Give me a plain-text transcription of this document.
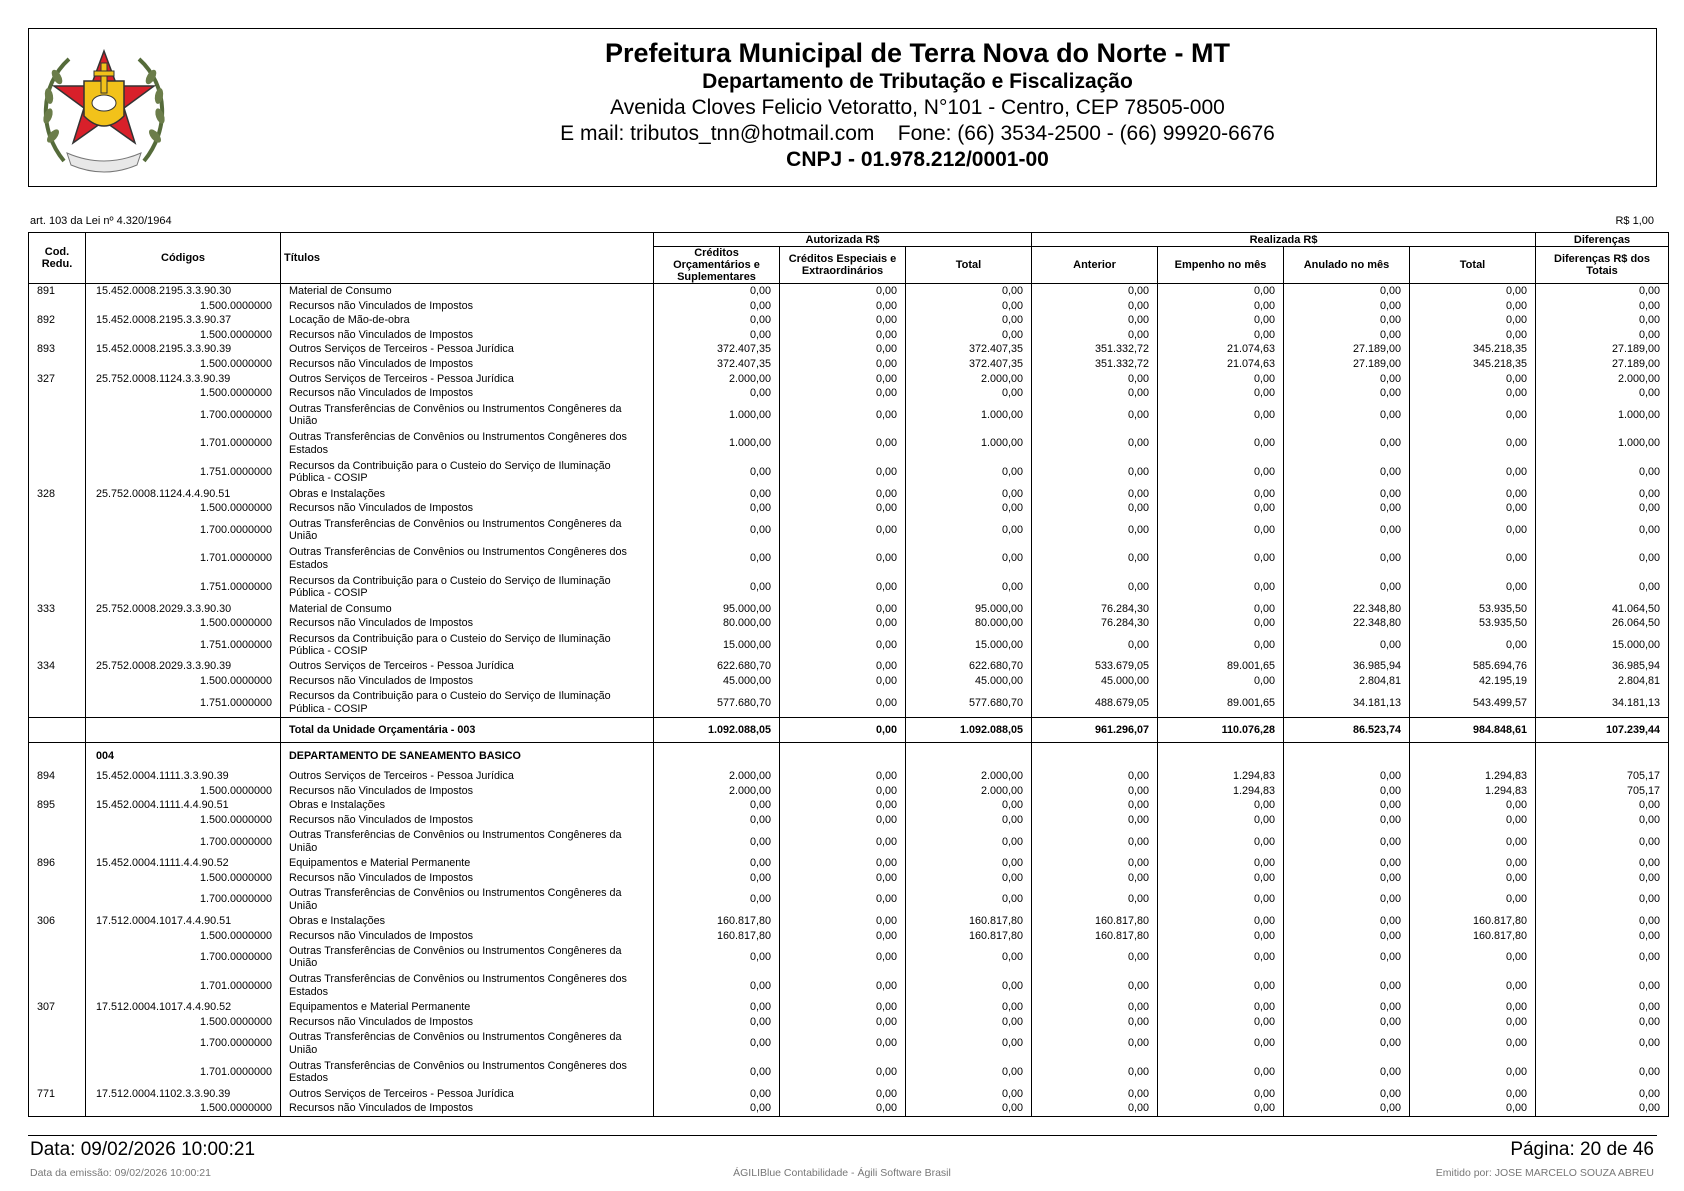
Prefeitura Municipal de Terra Nova do Norte - MT
Departamento de Tributação e Fiscalização
Avenida Cloves Felicio Vetoratto, N°101 - Centro, CEP 78505-000
E mail: tributos_tnn@hotmail.com Fone: (66) 3534-2500 - (66) 99920-6676
CNPJ - 01.978.212/0001-00
art. 103 da Lei nº 4.320/1964	R$ 1,00
Cod. Redu.	Códigos	Títulos	Autorizada R$			Realizada R$				Diferenças
			Créditos Orçamentários e Suplementares	Créditos Especiais e Extraordinários	Total	Anterior	Empenho no mês	Anulado no mês	Total	Diferenças R$ dos Totais
891	15.452.0008.2195.3.3.90.30	Material de Consumo	0,00	0,00	0,00	0,00	0,00	0,00	0,00	0,00
	1.500.0000000	Recursos não Vinculados de Impostos	0,00	0,00	0,00	0,00	0,00	0,00	0,00	0,00
892	15.452.0008.2195.3.3.90.37	Locação de Mão-de-obra	0,00	0,00	0,00	0,00	0,00	0,00	0,00	0,00
	1.500.0000000	Recursos não Vinculados de Impostos	0,00	0,00	0,00	0,00	0,00	0,00	0,00	0,00
893	15.452.0008.2195.3.3.90.39	Outros Serviços de Terceiros - Pessoa Jurídica	372.407,35	0,00	372.407,35	351.332,72	21.074,63	27.189,00	345.218,35	27.189,00
	1.500.0000000	Recursos não Vinculados de Impostos	372.407,35	0,00	372.407,35	351.332,72	21.074,63	27.189,00	345.218,35	27.189,00
327	25.752.0008.1124.3.3.90.39	Outros Serviços de Terceiros - Pessoa Jurídica	2.000,00	0,00	2.000,00	0,00	0,00	0,00	0,00	2.000,00
	1.500.0000000	Recursos não Vinculados de Impostos	0,00	0,00	0,00	0,00	0,00	0,00	0,00	0,00
	1.700.0000000	Outras Transferências de Convênios ou Instrumentos Congêneres da União	1.000,00	0,00	1.000,00	0,00	0,00	0,00	0,00	1.000,00
	1.701.0000000	Outras Transferências de Convênios ou Instrumentos Congêneres dos Estados	1.000,00	0,00	1.000,00	0,00	0,00	0,00	0,00	1.000,00
	1.751.0000000	Recursos da Contribuição para o Custeio do Serviço de Iluminação Pública - COSIP	0,00	0,00	0,00	0,00	0,00	0,00	0,00	0,00
328	25.752.0008.1124.4.4.90.51	Obras e Instalações	0,00	0,00	0,00	0,00	0,00	0,00	0,00	0,00
	1.500.0000000	Recursos não Vinculados de Impostos	0,00	0,00	0,00	0,00	0,00	0,00	0,00	0,00
	1.700.0000000	Outras Transferências de Convênios ou Instrumentos Congêneres da União	0,00	0,00	0,00	0,00	0,00	0,00	0,00	0,00
	1.701.0000000	Outras Transferências de Convênios ou Instrumentos Congêneres dos Estados	0,00	0,00	0,00	0,00	0,00	0,00	0,00	0,00
	1.751.0000000	Recursos da Contribuição para o Custeio do Serviço de Iluminação Pública - COSIP	0,00	0,00	0,00	0,00	0,00	0,00	0,00	0,00
333	25.752.0008.2029.3.3.90.30	Material de Consumo	95.000,00	0,00	95.000,00	76.284,30	0,00	22.348,80	53.935,50	41.064,50
	1.500.0000000	Recursos não Vinculados de Impostos	80.000,00	0,00	80.000,00	76.284,30	0,00	22.348,80	53.935,50	26.064,50
	1.751.0000000	Recursos da Contribuição para o Custeio do Serviço de Iluminação Pública - COSIP	15.000,00	0,00	15.000,00	0,00	0,00	0,00	0,00	15.000,00
334	25.752.0008.2029.3.3.90.39	Outros Serviços de Terceiros - Pessoa Jurídica	622.680,70	0,00	622.680,70	533.679,05	89.001,65	36.985,94	585.694,76	36.985,94
	1.500.0000000	Recursos não Vinculados de Impostos	45.000,00	0,00	45.000,00	45.000,00	0,00	2.804,81	42.195,19	2.804,81
	1.751.0000000	Recursos da Contribuição para o Custeio do Serviço de Iluminação Pública - COSIP	577.680,70	0,00	577.680,70	488.679,05	89.001,65	34.181,13	543.499,57	34.181,13
		Total da Unidade Orçamentária - 003	1.092.088,05	0,00	1.092.088,05	961.296,07	110.076,28	86.523,74	984.848,61	107.239,44
	004	DEPARTAMENTO DE SANEAMENTO BASICO								
894	15.452.0004.1111.3.3.90.39	Outros Serviços de Terceiros - Pessoa Jurídica	2.000,00	0,00	2.000,00	0,00	1.294,83	0,00	1.294,83	705,17
	1.500.0000000	Recursos não Vinculados de Impostos	2.000,00	0,00	2.000,00	0,00	1.294,83	0,00	1.294,83	705,17
895	15.452.0004.1111.4.4.90.51	Obras e Instalações	0,00	0,00	0,00	0,00	0,00	0,00	0,00	0,00
	1.500.0000000	Recursos não Vinculados de Impostos	0,00	0,00	0,00	0,00	0,00	0,00	0,00	0,00
	1.700.0000000	Outras Transferências de Convênios ou Instrumentos Congêneres da União	0,00	0,00	0,00	0,00	0,00	0,00	0,00	0,00
896	15.452.0004.1111.4.4.90.52	Equipamentos e Material Permanente	0,00	0,00	0,00	0,00	0,00	0,00	0,00	0,00
	1.500.0000000	Recursos não Vinculados de Impostos	0,00	0,00	0,00	0,00	0,00	0,00	0,00	0,00
	1.700.0000000	Outras Transferências de Convênios ou Instrumentos Congêneres da União	0,00	0,00	0,00	0,00	0,00	0,00	0,00	0,00
306	17.512.0004.1017.4.4.90.51	Obras e Instalações	160.817,80	0,00	160.817,80	160.817,80	0,00	0,00	160.817,80	0,00
	1.500.0000000	Recursos não Vinculados de Impostos	160.817,80	0,00	160.817,80	160.817,80	0,00	0,00	160.817,80	0,00
	1.700.0000000	Outras Transferências de Convênios ou Instrumentos Congêneres da União	0,00	0,00	0,00	0,00	0,00	0,00	0,00	0,00
	1.701.0000000	Outras Transferências de Convênios ou Instrumentos Congêneres dos Estados	0,00	0,00	0,00	0,00	0,00	0,00	0,00	0,00
307	17.512.0004.1017.4.4.90.52	Equipamentos e Material Permanente	0,00	0,00	0,00	0,00	0,00	0,00	0,00	0,00
	1.500.0000000	Recursos não Vinculados de Impostos	0,00	0,00	0,00	0,00	0,00	0,00	0,00	0,00
	1.700.0000000	Outras Transferências de Convênios ou Instrumentos Congêneres da União	0,00	0,00	0,00	0,00	0,00	0,00	0,00	0,00
	1.701.0000000	Outras Transferências de Convênios ou Instrumentos Congêneres dos Estados	0,00	0,00	0,00	0,00	0,00	0,00	0,00	0,00
771	17.512.0004.1102.3.3.90.39	Outros Serviços de Terceiros - Pessoa Jurídica	0,00	0,00	0,00	0,00	0,00	0,00	0,00	0,00
	1.500.0000000	Recursos não Vinculados de Impostos	0,00	0,00	0,00	0,00	0,00	0,00	0,00	0,00
Data: 09/02/2026 10:00:21	Página: 20 de 46
Data da emissão: 09/02/2026 10:00:21	ÁGILIBlue Contabilidade - Ágili Software Brasil	Emitido por: JOSE MARCELO SOUZA ABREU
